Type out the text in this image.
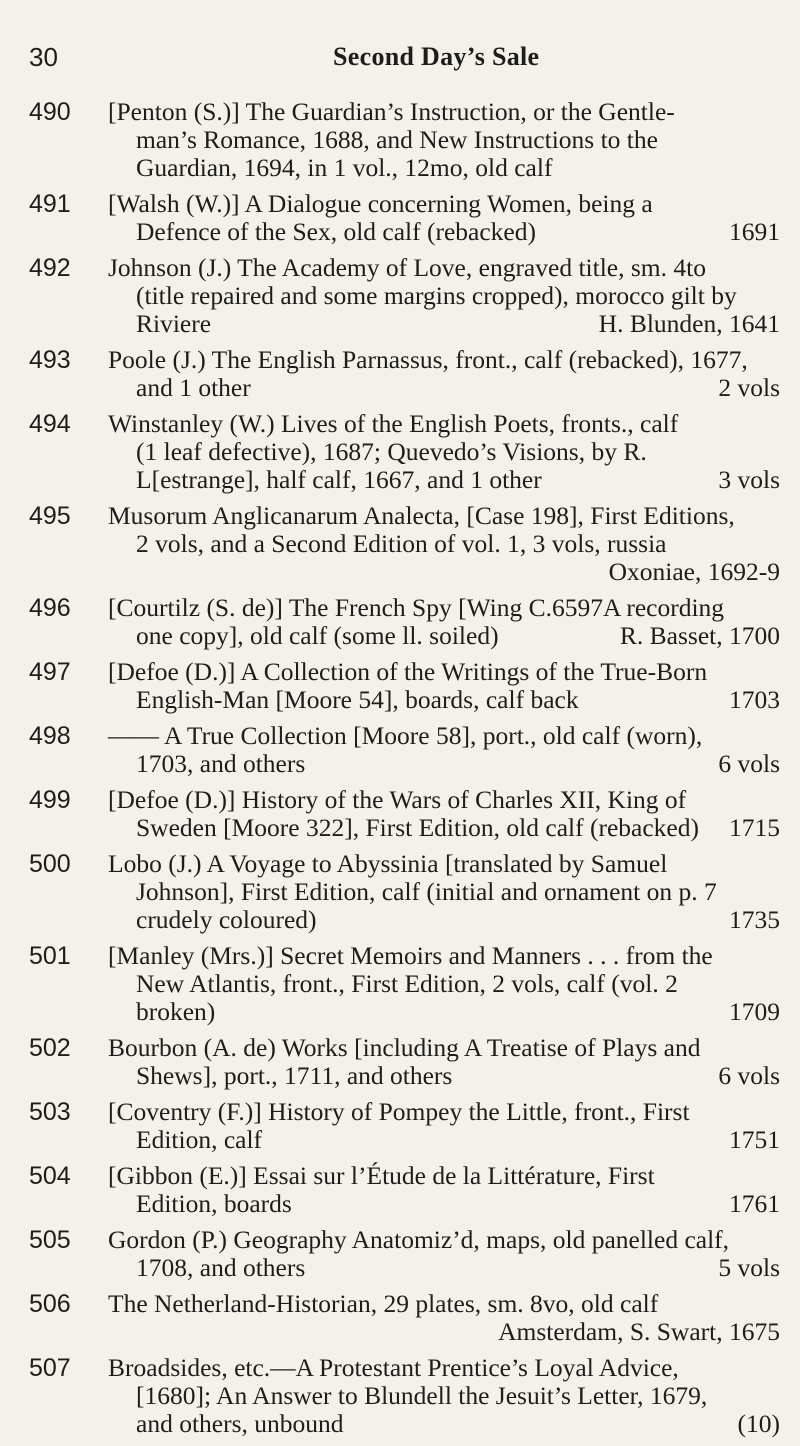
30	Second Day’s Sale
490 [Penton (S.)] The Guardian’s Instruction, or the Gentle-
man’s Romance, 1688, and New Instructions to the
Guardian, 1694, in 1 vol., 12mo, old calf
491 [Walsh (W.)] A Dialogue concerning Women, being a
Defence of the Sex, old calf (rebacked)	1691
492 Johnson (J.) The Academy of Love, engraved title, sm. 4to
(title repaired and some margins cropped), morocco gilt by
Riviere	H. Blunden, 1641
493 Poole (J.) The English Parnassus, front., calf (rebacked), 1677,
and 1 other	2 vols
494 Winstanley (W.) Lives of the English Poets, fronts., calf
(1 leaf defective), 1687; Quevedo’s Visions, by R.
L[estrange], half calf, 1667, and 1 other	3 vols
495 Musorum Anglicanarum Analecta, [Case 198], First Editions,
2 vols, and a Second Edition of vol. 1, 3 vols, russia
Oxoniae, 1692-9
496 [Courtilz (S. de)] The French Spy [Wing C.6597A recording
one copy], old calf (some ll. soiled)	R. Basset, 1700
497 [Defoe (D.)] A Collection of the Writings of the True-Born
English-Man [Moore 54], boards, calf back	1703
498 —— A True Collection [Moore 58], port., old calf (worn),
1703, and others	6 vols
499 [Defoe (D.)] History of the Wars of Charles XII, King of
Sweden [Moore 322], First Edition, old calf (rebacked) 1715
500 Lobo (J.) A Voyage to Abyssinia [translated by Samuel
Johnson], First Edition, calf (initial and ornament on p. 7
crudely coloured)	1735
501 [Manley (Mrs.)] Secret Memoirs and Manners . . . from the
New Atlantis, front., First Edition, 2 vols, calf (vol. 2
broken)	1709
502 Bourbon (A. de) Works [including A Treatise of Plays and
Shews], port., 1711, and others	6 vols
503 [Coventry (F.)] History of Pompey the Little, front., First
Edition, calf	1751
504 [Gibbon (E.)] Essai sur l’Étude de la Littérature, First
Edition, boards	1761
505 Gordon (P.) Geography Anatomiz’d, maps, old panelled calf,
1708, and others	5 vols
506 The Netherland-Historian, 29 plates, sm. 8vo, old calf
Amsterdam, S. Swart, 1675
507 Broadsides, etc.—A Protestant Prentice’s Loyal Advice,
[1680]; An Answer to Blundell the Jesuit’s Letter, 1679,
and others, unbound	(10)
